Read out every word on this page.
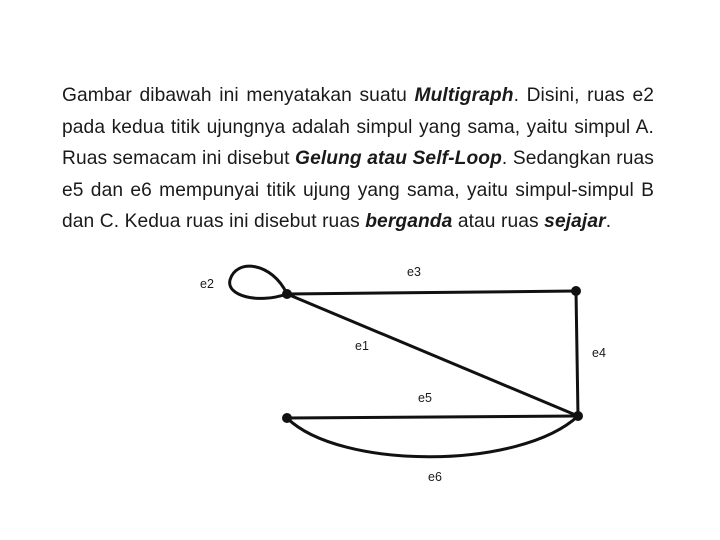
Gambar dibawah ini menyatakan suatu Multigraph. Disini, ruas e2 pada kedua titik ujungnya adalah simpul yang sama, yaitu simpul A. Ruas semacam ini disebut Gelung atau Self-Loop. Sedangkan ruas e5 dan e6 mempunyai titik ujung yang sama, yaitu simpul-simpul B dan C. Kedua ruas ini disebut ruas berganda atau ruas sejajar.
e2
e3
e1	e4
e5
e6
